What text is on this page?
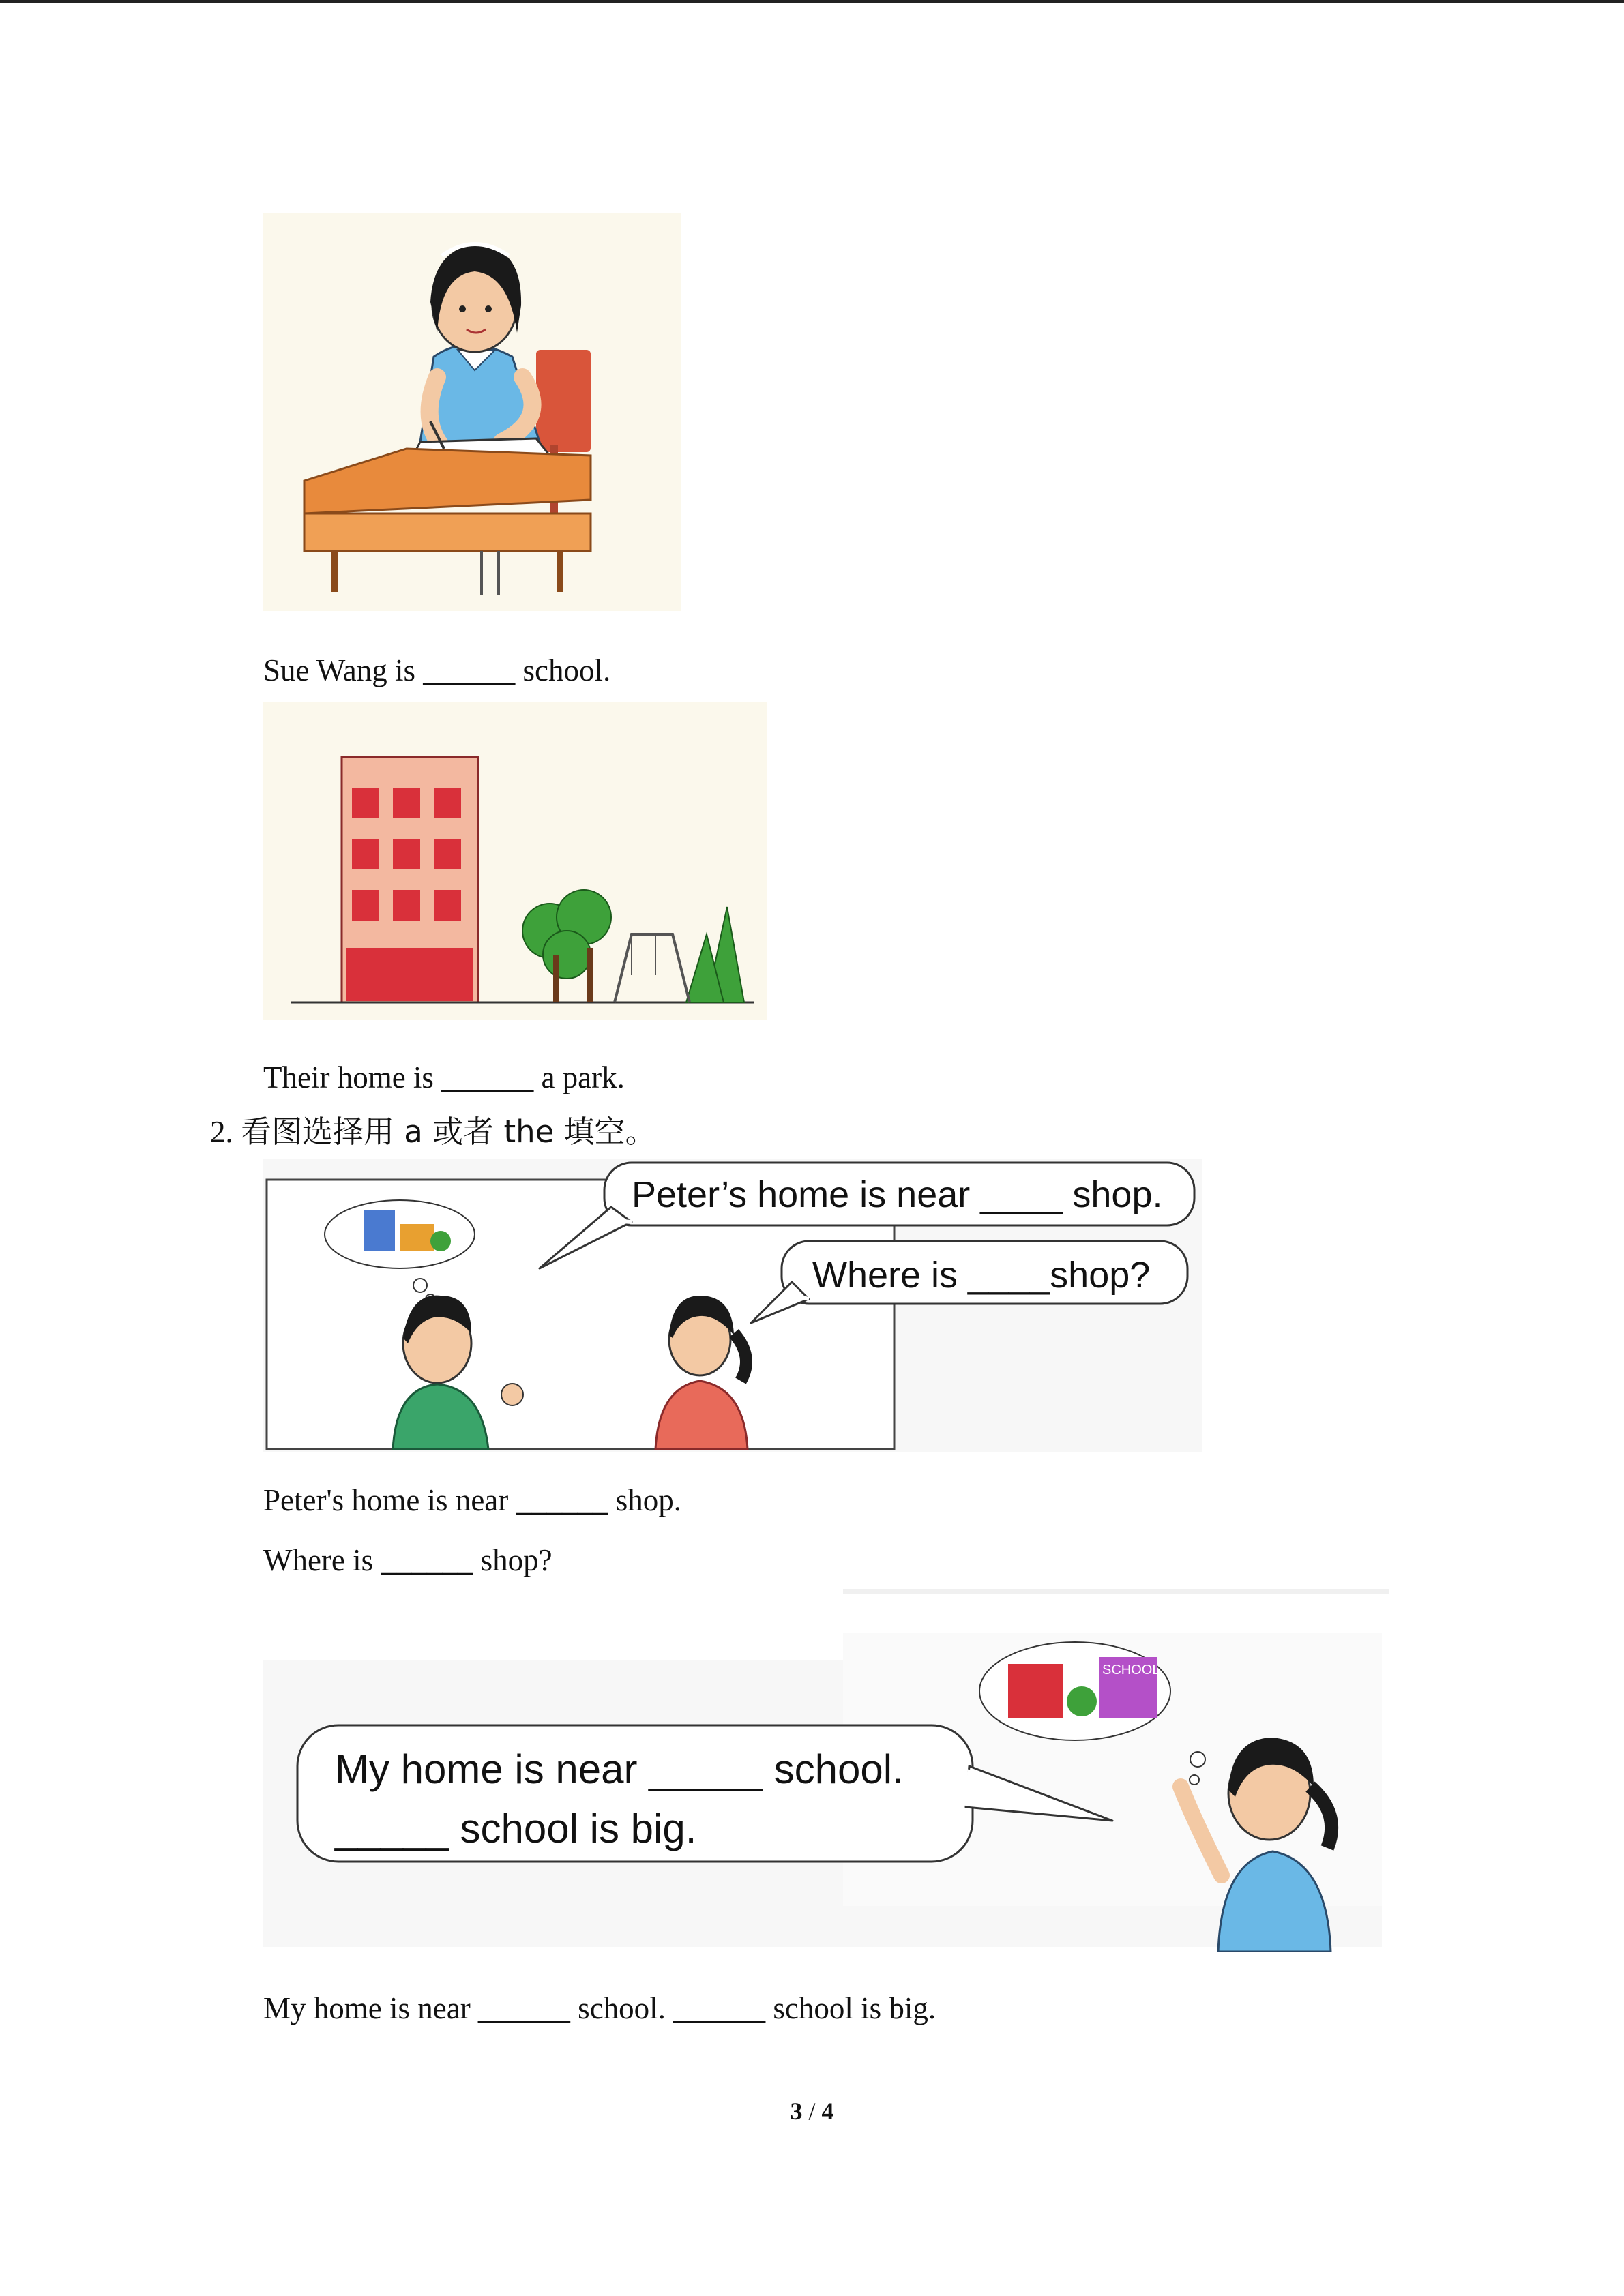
Sue Wang is ______ school.
Their home is ______ a park.
2. 看图选择用 a 或者 the 填空。
Peter’s home is near ____ shop.
Where is ____shop?
Peter's home is near ______ shop.
Where is ______ shop?
SCHOOL
My home is near _____ school.
_____ school is big.
My home is near ______ school. ______ school is big.
3 / 4
